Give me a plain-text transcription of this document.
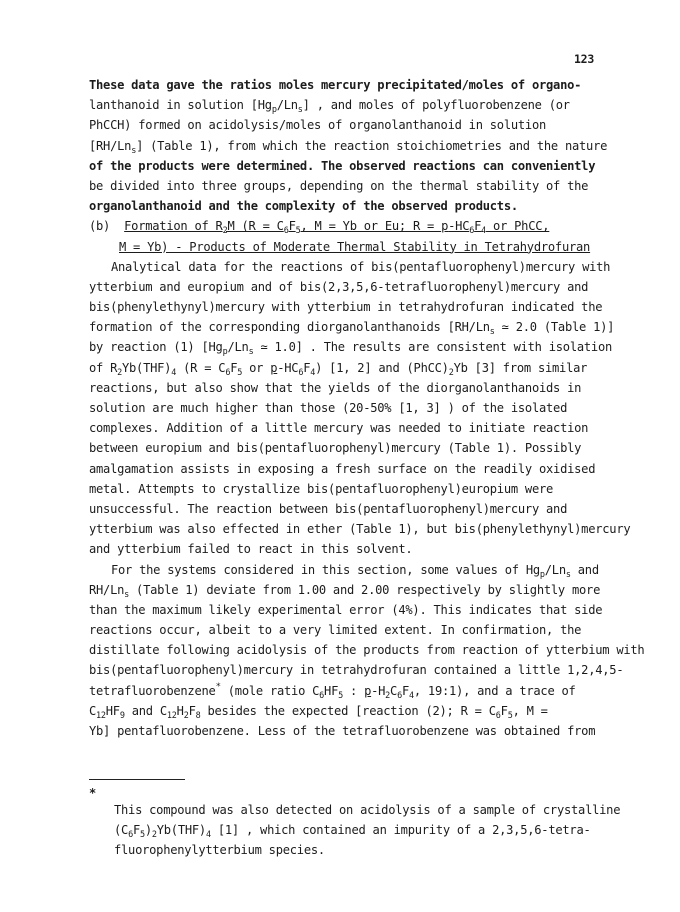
123
These data gave the ratios moles mercury precipitated/moles of organo-
lanthanoid in solution $[Hg_p/Ln_s]$ , and moles of polyfluorobenzene (or
PhCCH) formed on acidolysis/moles of organolanthanoid in solution
$[RH/Ln_s]$ (Table 1), from which the reaction stoichiometries and the nature
of the products were determined. The observed reactions can conveniently
be divided into three groups, depending on the thermal stability of the
organolanthanoid and the complexity of the observed products.
(b) Formation of $R_2M$ ($R = C_6F_5$, M = Yb or Eu; $R = p-HC_6F_4$ or PhCC,
M = Yb) - Products of Moderate Thermal Stability in Tetrahydrofuran
Analytical data for the reactions of bis(pentafluorophenyl)mercury with
ytterbium and europium and of bis(2,3,5,6-tetrafluorophenyl)mercury and
bis(phenylethynyl)mercury with ytterbium in tetrahydrofuran indicated the
formation of the corresponding diorganolanthanoids [$RH/Ln_s$ ≃ 2.0 (Table 1)]
by reaction (1) [$Hg_p/Ln_s$ ≃ 1.0] . The results are consistent with isolation
of $R_2Yb(THF)_4$ ($R = C_6F_5$ or $p-HC_6F_4$) [1, 2] and $(PhCC)_2Yb$ [3] from similar
reactions, but also show that the yields of the diorganolanthanoids in
solution are much higher than those (20-50% [1, 3] ) of the isolated
complexes. Addition of a little mercury was needed to initiate reaction
between europium and bis(pentafluorophenyl)mercury (Table 1). Possibly
amalgamation assists in exposing a fresh surface on the readily oxidised
metal. Attempts to crystallize bis(pentafluorophenyl)europium were
unsuccessful. The reaction between bis(pentafluorophenyl)mercury and
ytterbium was also effected in ether (Table 1), but bis(phenylethynyl)mercury
and ytterbium failed to react in this solvent.
For the systems considered in this section, some values of $Hg_p/Ln_s$ and
$RH/Ln_s$ (Table 1) deviate from 1.00 and 2.00 respectively by slightly more
than the maximum likely experimental error (4%). This indicates that side
reactions occur, albeit to a very limited extent. In confirmation, the
distillate following acidolysis of the products from reaction of ytterbium with
bis(pentafluorophenyl)mercury in tetrahydrofuran contained a little 1,2,4,5-
tetrafluorobenzene* (mole ratio $C_6HF_5$ : $p-H_2C_6F_4$, 19:1), and a trace of
$C_{12}HF_9$ and $C_{12}H_2F_8$ besides the expected [reaction (2); $R = C_6F_5$, M =
Yb] pentafluorobenzene. Less of the tetrafluorobenzene was obtained from
*
This compound was also detected on acidolysis of a sample of crystalline
$(C_6F_5)_2Yb(THF)_4$ [1] , which contained an impurity of a 2,3,5,6-tetra-
fluorophenylytterbium species.
